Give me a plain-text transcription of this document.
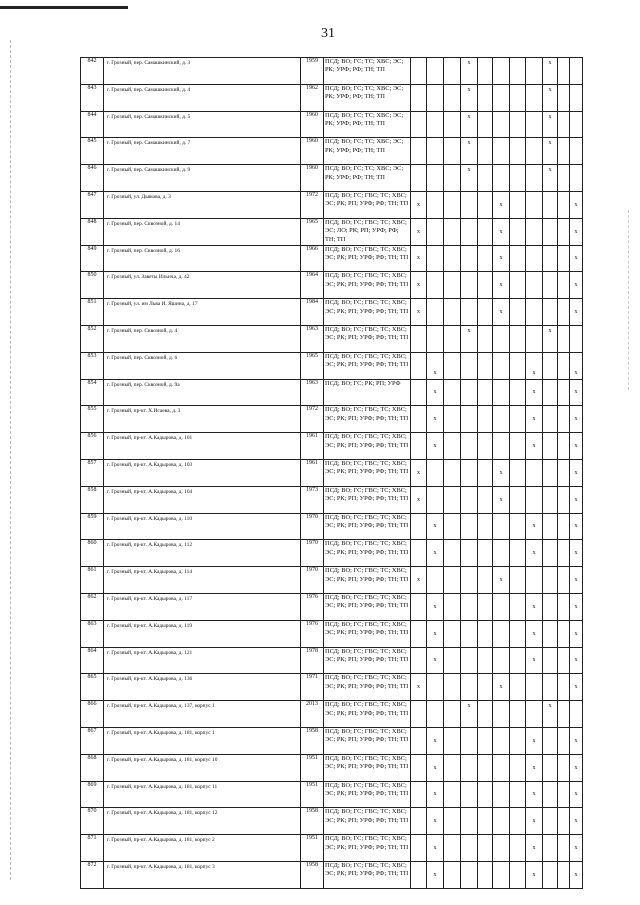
31
842	г. Грозный, пер. Самашкинский, д. 3	1959	ПСД; ВО; ГС; ТС; ХВС; ЭС; РК; УРФ; РФ; ТН; ТП				x					x		
843	г. Грозный, пер. Самашкинский, д. 4	1962	ПСД; ВО; ГС; ТС; ХВС; ЭС; РК; УРФ; РФ; ТН; ТП				x					x		
844	г. Грозный, пер. Самашкинский, д. 5	1960	ПСД; ВО; ГС; ТС; ХВС; ЭС; РК; УРФ; РФ; ТН; ТП				x					x		
845	г. Грозный, пер. Самашкинский, д. 7	1960	ПСД; ВО; ГС; ТС; ХВС; ЭС; РК; УРФ; РФ; ТН; ТП				x					x		
846	г. Грозный, пер. Самашкинский, д. 9	1960	ПСД; ВО; ГС; ТС; ХВС; ЭС; РК; УРФ; РФ; ТН; ТП				x					x		
847	г. Грозный, ул. Дьякова, д. 3	1972	ПСД; ВО; ГС; ГВС; ТС; ХВС; ЭС; РК; РП; УРФ; РФ; ТН; ТП	x					x					x
848	г. Грозный, пер. Сквозной, д. 14	1965	ПСД; ВО; ГС; ГВС; ТС; ХВС; ЭС; ЛО; РК; РП; УРФ; РФ; ТН; ТП	x					x					x
849	г. Грозный, пер. Сквозной, д. 16	1966	ПСД; ВО; ГС; ГВС; ТС; ХВС; ЭС; РК; РП; УРФ; РФ; ТН; ТП	x					x					x
850	г. Грозный, ул. Заветы Ильича, д. 42	1964	ПСД; ВО; ГС; ГВС; ТС; ХВС; ЭС; РК; РП; УРФ; РФ; ТН; ТП	x					x					x
851	г. Грозный, ул. им Льва И. Яшина, д. 17	1984	ПСД; ВО; ГС; ГВС; ТС; ХВС; ЭС; РК; РП; УРФ; РФ; ТН; ТП	x					x					x
852	г. Грозный, пер. Сквозной, д. 4	1963	ПСД; ВО; ГС; ГВС; ТС; ХВС; ЭС; РК; РП; УРФ; РФ; ТН; ТП				x					x		
853	г. Грозный, пер. Сквозной, д. 6	1965	ПСД; ВО; ГС; ГВС; ТС; ХВС; ЭС; РК; РП; УРФ; РФ; ТН; ТП		x						x			x
854	г. Грозный, пер. Сквозной, д. 9а	1963	ПСД; ВО; ГС; РК; РП; УРФ		x						x			x
855	г. Грозный, пр-кт. Х.Исаева, д. 3	1972	ПСД; ВО; ГС; ГВС; ТС; ХВС; ЭС; РК; РП; УРФ; РФ; ТН; ТП		x						x			x
856	г. Грозный, пр-кт. А.Кадырова, д. 101	1961	ПСД; ВО; ГС; ГВС; ТС; ХВС; ЭС; РК; РП; УРФ; РФ; ТН; ТП		x						x			x
857	г. Грозный, пр-кт. А.Кадырова, д. 103	1961	ПСД; ВО; ГС; ГВС; ТС; ХВС; ЭС; РК; РП; УРФ; РФ; ТН; ТП	x					x					x
858	г. Грозный, пр-кт. А.Кадырова, д. 104	1973	ПСД; ВО; ГС; ГВС; ТС; ХВС; ЭС; РК; РП; УРФ; РФ; ТН; ТП	x					x					x
859	г. Грозный, пр-кт. А.Кадырова, д. 110	1970	ПСД; ВО; ГС; ГВС; ТС; ХВС; ЭС; РК; РП; УРФ; РФ; ТН; ТП		x						x			x
860	г. Грозный, пр-кт. А.Кадырова, д. 112	1970	ПСД; ВО; ГС; ГВС; ТС; ХВС; ЭС; РК; РП; УРФ; РФ; ТН; ТП		x						x			x
861	г. Грозный, пр-кт. А.Кадырова, д. 114	1970	ПСД; ВО; ГС; ГВС; ТС; ХВС; ЭС; РК; РП; УРФ; РФ; ТН; ТП	x					x					x
862	г. Грозный, пр-кт. А.Кадырова, д. 117	1976	ПСД; ВО; ГС; ГВС; ТС; ХВС; ЭС; РК; РП; УРФ; РФ; ТН; ТП		x						x			x
863	г. Грозный, пр-кт. А.Кадырова, д. 119	1976	ПСД; ВО; ГС; ГВС; ТС; ХВС; ЭС; РК; РП; УРФ; РФ; ТН; ТП		x						x			x
864	г. Грозный, пр-кт. А.Кадырова, д. 121	1978	ПСД; ВО; ГС; ГВС; ТС; ХВС; ЭС; РК; РП; УРФ; РФ; ТН; ТП		x						x			x
865	г. Грозный, пр-кт. А.Кадырова, д. 136	1971	ПСД; ВО; ГС; ГВС; ТС; ХВС; ЭС; РК; РП; УРФ; РФ; ТН; ТП	x					x					x
866	г. Грозный, пр-кт. А.Кадырова, д. 137, корпус 1	2013	ПСД; ВО; ГС; ГВС; ТС; ХВС; ЭС; РК; РП; УРФ; РФ; ТН; ТП				x					x		
867	г. Грозный, пр-кт. А.Кадырова, д. 181, корпус 1	1958	ПСД; ВО; ГС; ГВС; ТС; ХВС; ЭС; РК; РП; УРФ; РФ; ТН; ТП		x						x			x
868	г. Грозный, пр-кт. А.Кадырова, д. 181, корпус 10	1951	ПСД; ВО; ГС; ГВС; ТС; ХВС; ЭС; РК; РП; УРФ; РФ; ТН; ТП		x						x			x
869	г. Грозный, пр-кт. А.Кадырова, д. 181, корпус 11	1951	ПСД; ВО; ГС; ГВС; ТС; ХВС; ЭС; РК; РП; УРФ; РФ; ТН; ТП		x						x			x
870	г. Грозный, пр-кт. А.Кадырова, д. 181, корпус 12	1958	ПСД; ВО; ГС; ГВС; ТС; ХВС; ЭС; РК; РП; УРФ; РФ; ТН; ТП		x						x			x
871	г. Грозный, пр-кт. А.Кадырова, д. 181, корпус 2	1951	ПСД; ВО; ГС; ГВС; ТС; ХВС; ЭС; РК; РП; УРФ; РФ; ТН; ТП		x						x			x
872	г. Грозный, пр-кт. А.Кадырова, д. 181, корпус 3	1958	ПСД; ВО; ГС; ГВС; ТС; ХВС; ЭС; РК; РП; УРФ; РФ; ТН; ТП		x						x			x
